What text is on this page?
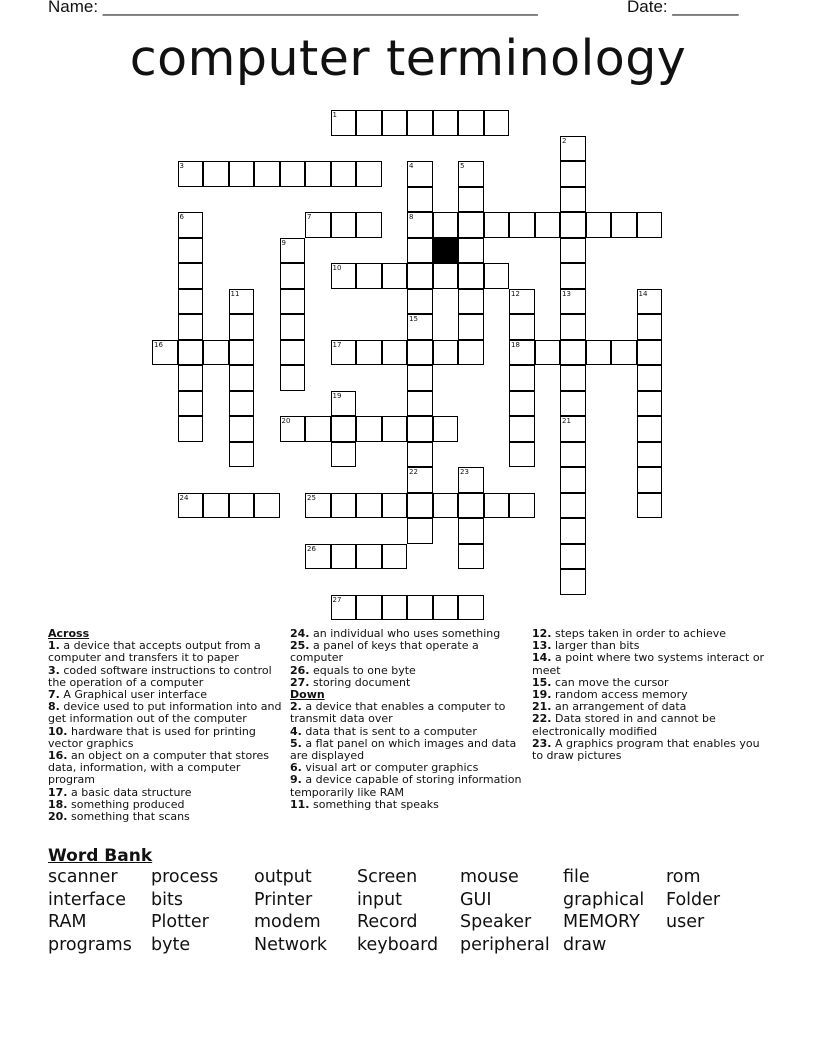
Name: ______________________________________________	Date: _______
computer terminology
1
3
7	8
10
16	17	18
20
24	25
26
27
2
4	5
6
9
11	12	13
21
14
15
19
22	23
Across
1. a device that accepts output from a computer and transfers it to paper
3. coded software instructions to control the operation of a computer
7. A Graphical user interface
8. device used to put information into and get information out of the computer
10. hardware that is used for printing vector graphics
16. an object on a computer that stores data, information, with a computer program
17. a basic data structure
18. something produced
20. something that scans
24. an individual who uses something
25. a panel of keys that operate a computer
26. equals to one byte
27. storing document
Down
2. a device that enables a computer to transmit data over
4. data that is sent to a computer
5. a flat panel on which images and data are displayed
6. visual art or computer graphics
9. a device capable of storing information temporarily like RAM
11. something that speaks
12. steps taken in order to achieve
13. larger than bits
14. a point where two systems interact or meet
15. can move the cursor
19. random access memory
21. an arrangement of data
22. Data stored in and cannot be electronically modified
23. A graphics program that enables you to draw pictures
Word Bank
scanner process output	Screen mouse	file	rom
interface bits	Printer	input	GUI	graphical Folder
RAM	Plotter	modem Record Speaker MEMORY user
programs byte	Network keyboard peripheral draw
